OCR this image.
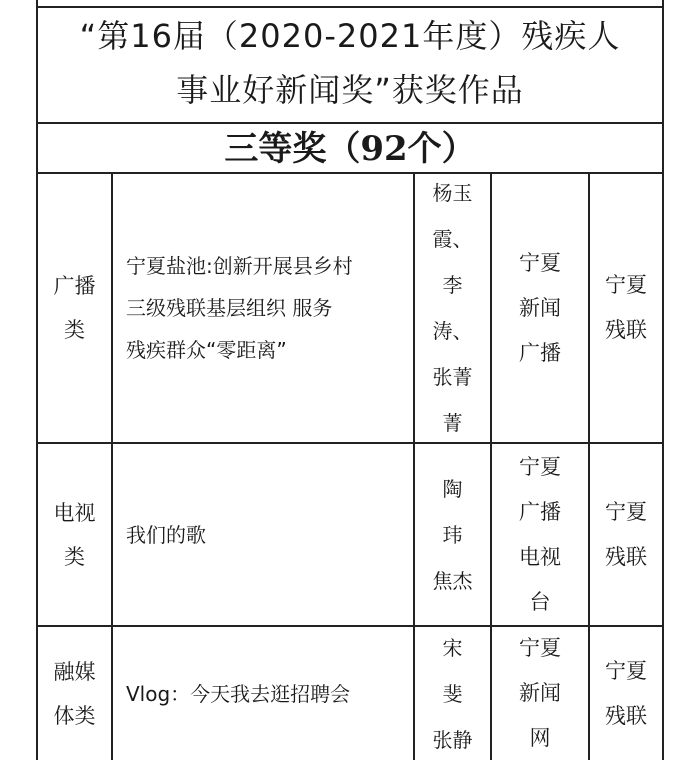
“第16届（2020-2021年度）残疾人
事业好新闻奖”获奖作品
三等奖（92个）
广播
类
宁夏盐池:创新开展县乡村
三级残联基层组织 服务
残疾群众“零距离”
杨玉
霞、
李
涛、
张菁
菁
宁夏
新闻
广播
宁夏
残联
电视
类
我们的歌
陶
玮
焦杰
宁夏
广播
电视
台
宁夏
残联
融媒
体类
Vlog：今天我去逛招聘会
宋
斐
张静
宁夏
新闻
网
宁夏
残联
